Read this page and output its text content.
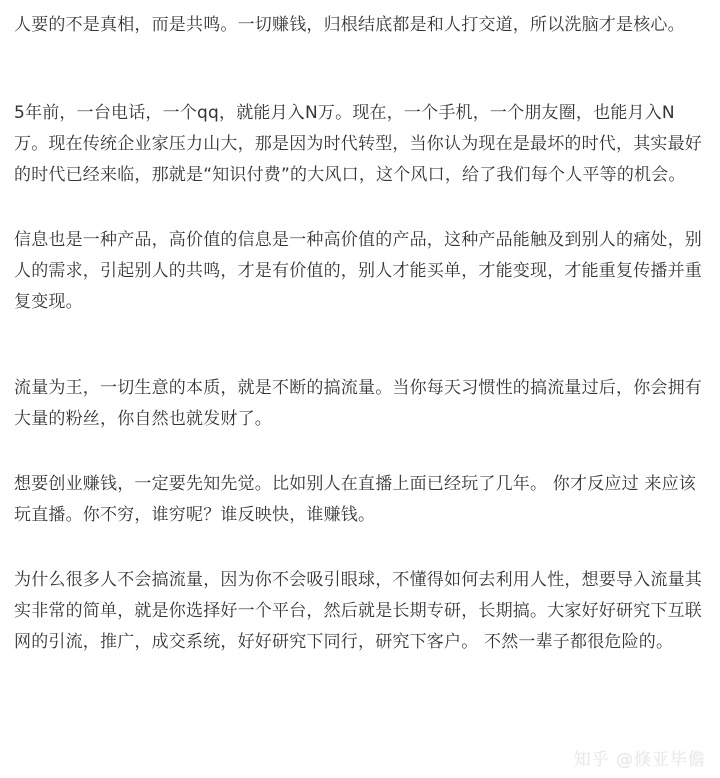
人要的不是真相，而是共鸣。一切赚钱，归根结底都是和人打交道，所以洗脑才是核心。

5年前，一台电话，一个qq，就能月入N万。现在，一个手机，一个朋友圈，也能月入N万。现在传统企业家压力山大，那是因为时代转型，当你认为现在是最坏的时代，其实最好的时代已经来临，那就是“知识付费”的大风口，这个风口，给了我们每个人平等的机会。

信息也是一种产品，高价值的信息是一种高价值的产品，这种产品能触及到别人的痛处，别人的需求，引起别人的共鸣，才是有价值的，别人才能买单，才能变现，才能重复传播并重复变现。

流量为王，一切生意的本质，就是不断的搞流量。当你每天习惯性的搞流量过后，你会拥有大量的粉丝，你自然也就发财了。

想要创业赚钱，一定要先知先觉。比如别人在直播上面已经玩了几年。 你才反应过 来应该玩直播。你不穷，谁穷呢？谁反映快，谁赚钱。

为什么很多人不会搞流量，因为你不会吸引眼球，不懂得如何去利用人性，想要导入流量其实非常的简单，就是你选择好一个平台，然后就是长期专研，长期搞。大家好好研究下互联网的引流，推广，成交系统，好好研究下同行，研究下客户。 不然一辈子都很危险的。

知乎 @倏亚毕儋
